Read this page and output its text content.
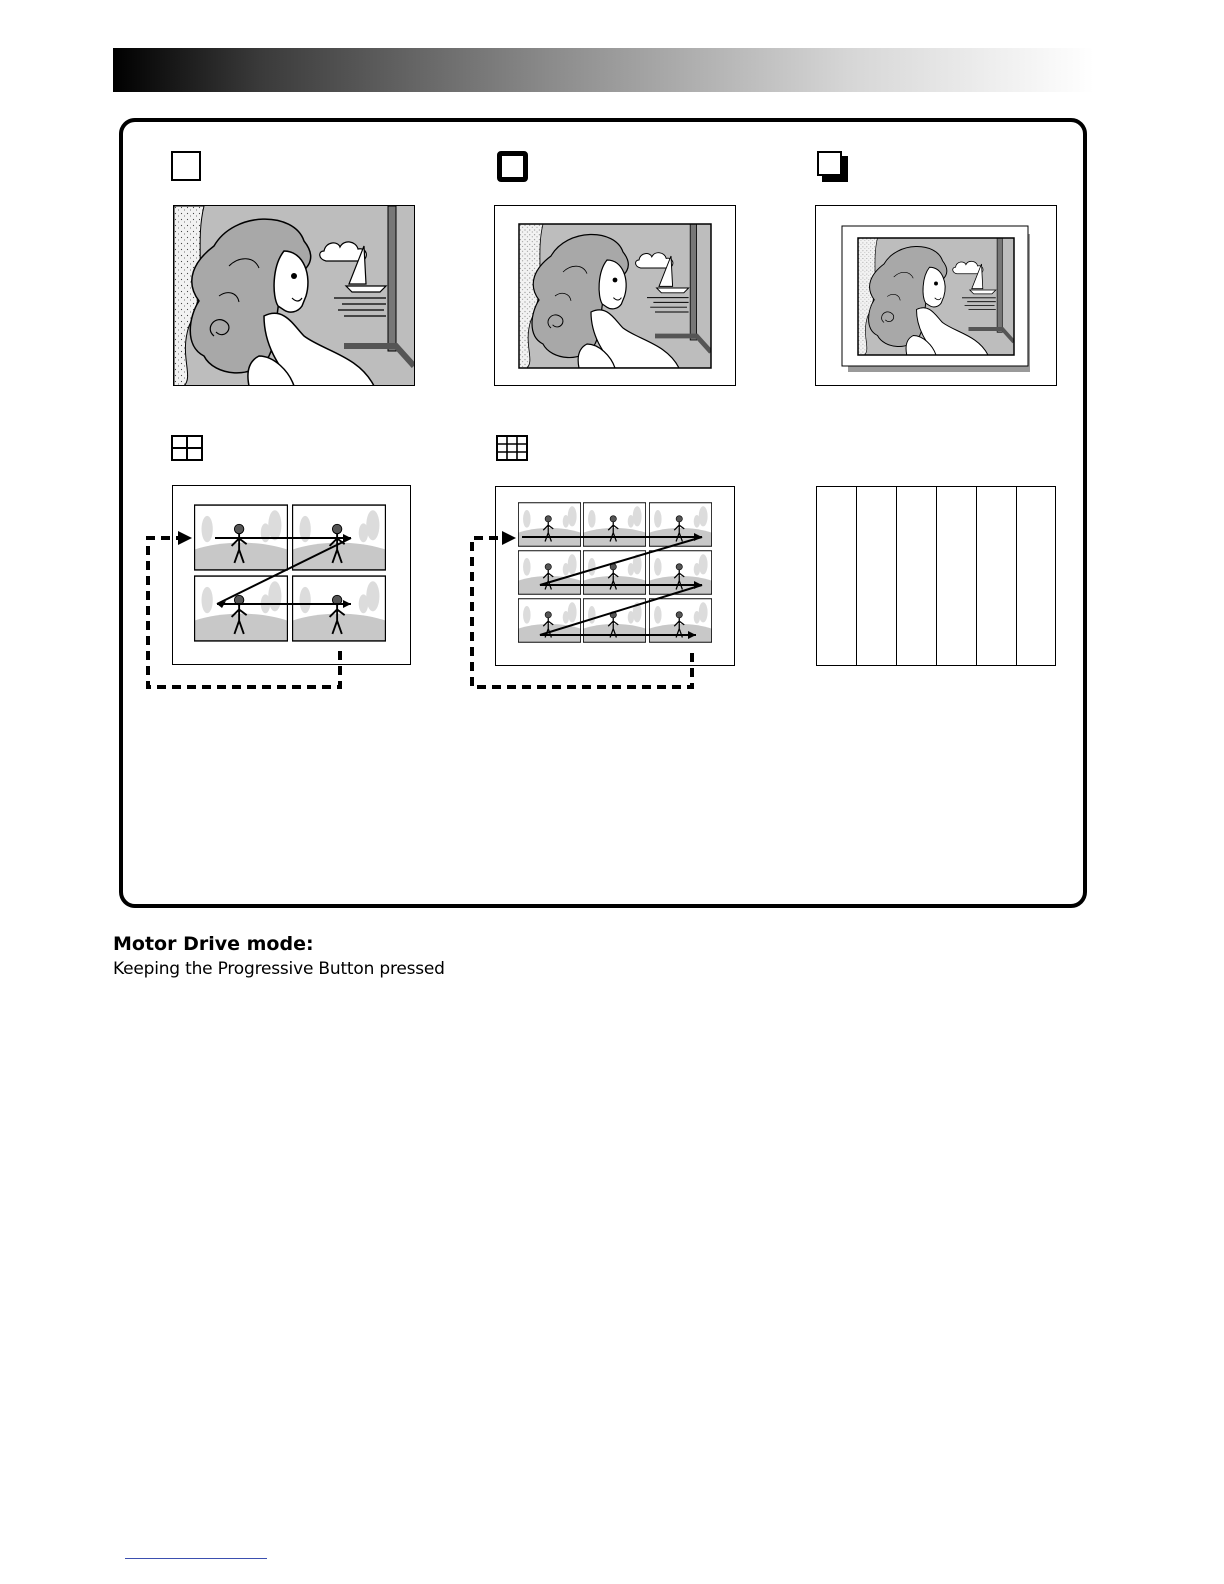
Motor Drive mode:
Keeping the Progressive Button pressed
